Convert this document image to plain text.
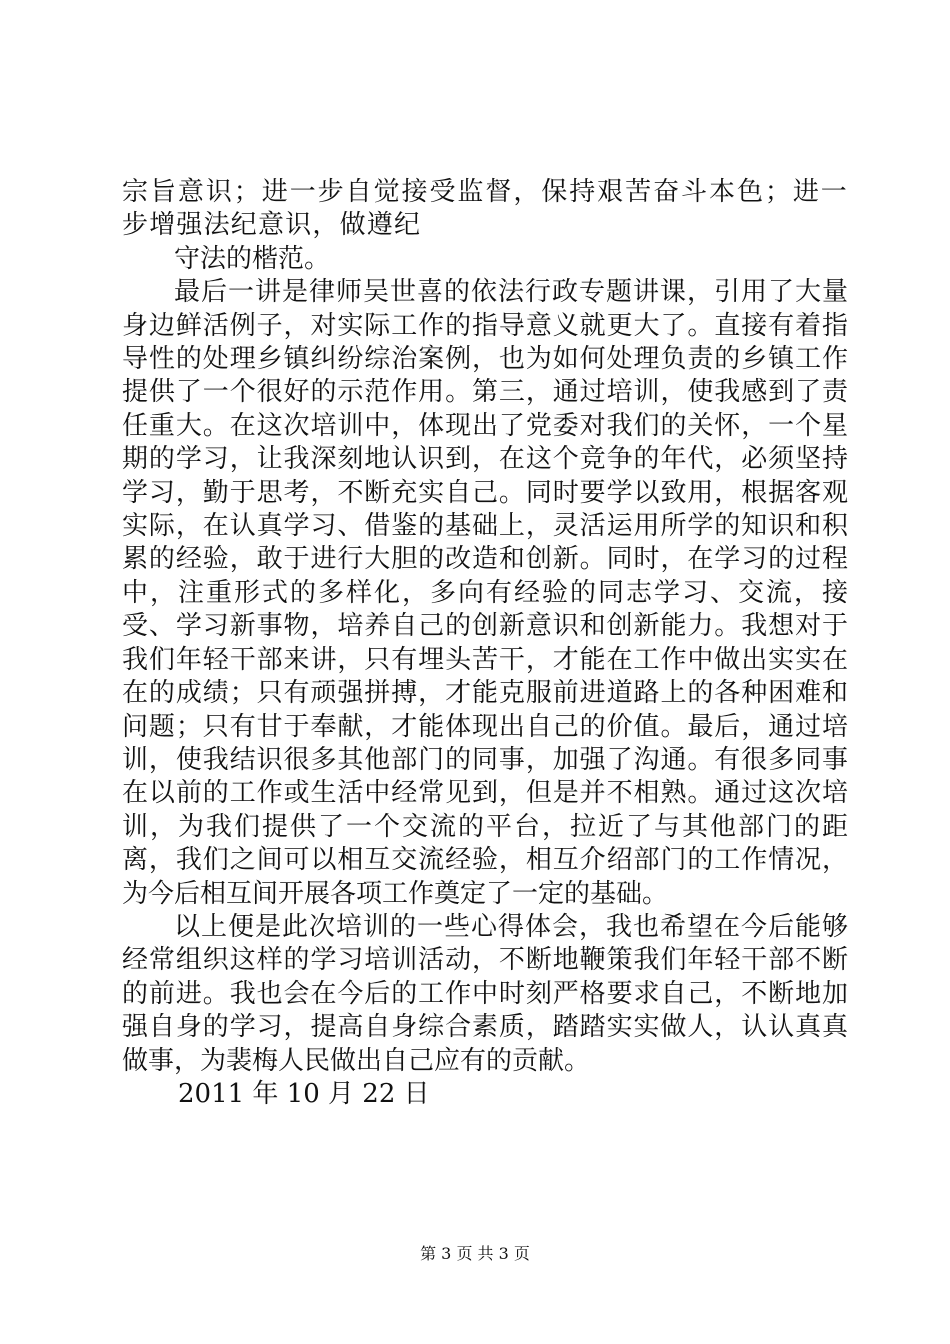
宗旨意识；进一步自觉接受监督，保持艰苦奋斗本色；进一步增强法纪意识，做遵纪

守法的楷范。

最后一讲是律师吴世喜的依法行政专题讲课，引用了大量身边鲜活例子，对实际工作的指导意义就更大了。直接有着指导性的处理乡镇纠纷综治案例，也为如何处理负责的乡镇工作提供了一个很好的示范作用。第三，通过培训，使我感到了责任重大。在这次培训中，体现出了党委对我们的关怀，一个星期的学习，让我深刻地认识到，在这个竞争的年代，必须坚持学习，勤于思考，不断充实自己。同时要学以致用，根据客观实际，在认真学习、借鉴的基础上，灵活运用所学的知识和积累的经验，敢于进行大胆的改造和创新。同时，在学习的过程中，注重形式的多样化，多向有经验的同志学习、交流，接受、学习新事物，培养自己的创新意识和创新能力。我想对于我们年轻干部来讲，只有埋头苦干，才能在工作中做出实实在在的成绩；只有顽强拼搏，才能克服前进道路上的各种困难和问题；只有甘于奉献，才能体现出自己的价值。最后，通过培训，使我结识很多其他部门的同事，加强了沟通。有很多同事在以前的工作或生活中经常见到，但是并不相熟。通过这次培训，为我们提供了一个交流的平台，拉近了与其他部门的距离，我们之间可以相互交流经验，相互介绍部门的工作情况，为今后相互间开展各项工作奠定了一定的基础。

以上便是此次培训的一些心得体会，我也希望在今后能够经常组织这样的学习培训活动，不断地鞭策我们年轻干部不断的前进。我也会在今后的工作中时刻严格要求自己，不断地加强自身的学习，提高自身综合素质，踏踏实实做人，认认真真做事，为裴梅人民做出自己应有的贡献。

2011 年 10 月 22 日

第 3 页 共 3 页
